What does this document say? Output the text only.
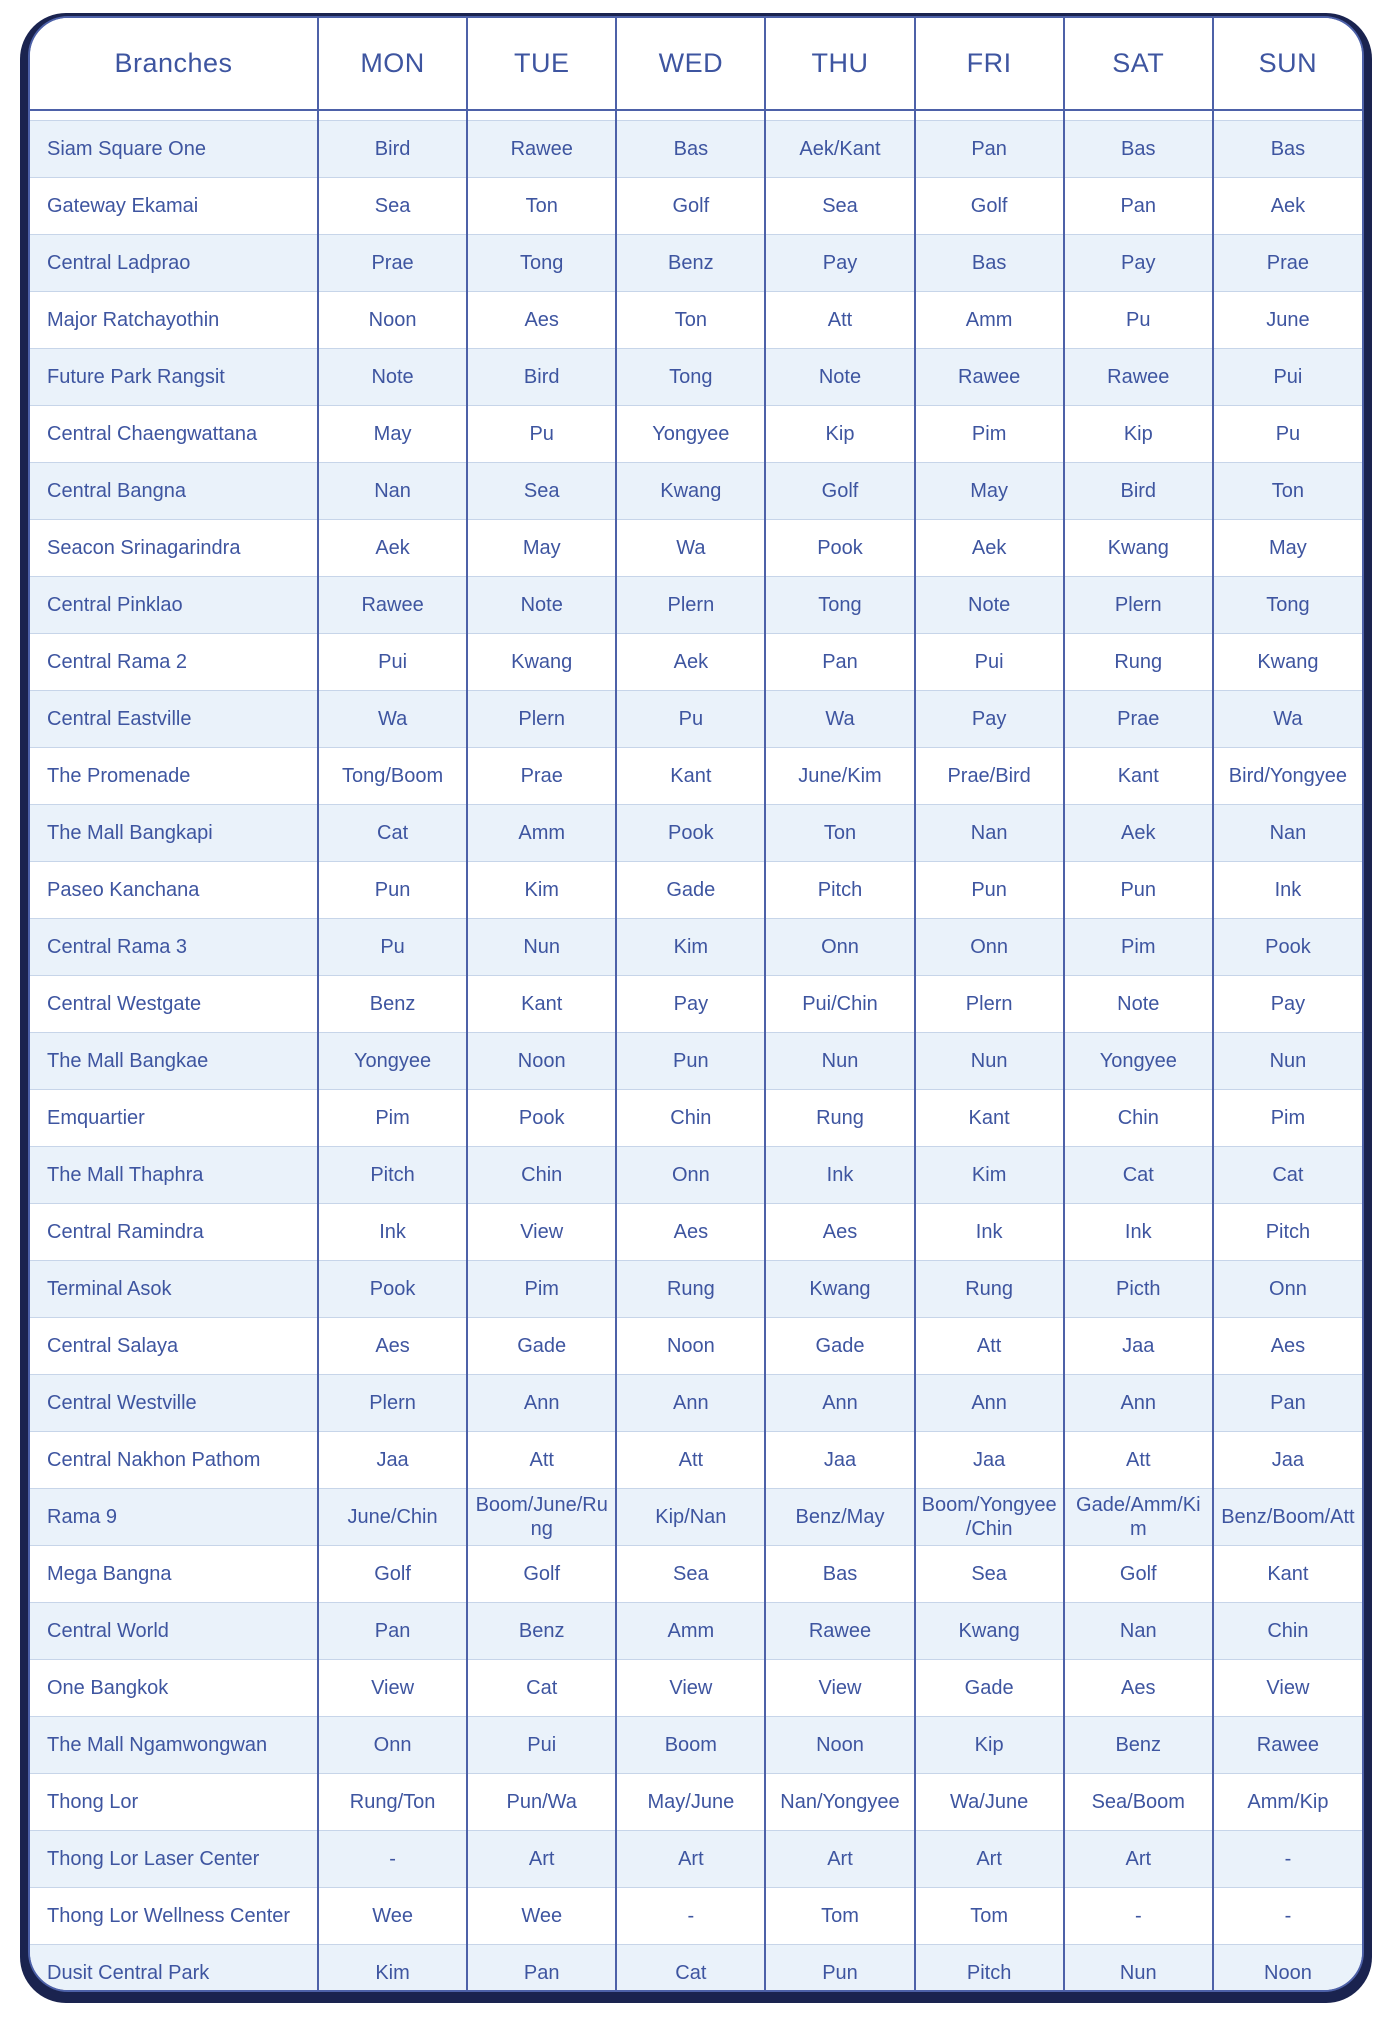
Branches	MON	TUE	WED	THU	FRI	SAT	SUN

Siam Square One	Bird	Rawee	Bas	Aek/Kant	Pan	Bas	Bas
Gateway Ekamai	Sea	Ton	Golf	Sea	Golf	Pan	Aek
Central Ladprao	Prae	Tong	Benz	Pay	Bas	Pay	Prae
Major Ratchayothin	Noon	Aes	Ton	Att	Amm	Pu	June
Future Park Rangsit	Note	Bird	Tong	Note	Rawee	Rawee	Pui
Central Chaengwattana	May	Pu	Yongyee	Kip	Pim	Kip	Pu
Central Bangna	Nan	Sea	Kwang	Golf	May	Bird	Ton
Seacon Srinagarindra	Aek	May	Wa	Pook	Aek	Kwang	May
Central Pinklao	Rawee	Note	Plern	Tong	Note	Plern	Tong
Central Rama 2	Pui	Kwang	Aek	Pan	Pui	Rung	Kwang
Central Eastville	Wa	Plern	Pu	Wa	Pay	Prae	Wa
The Promenade	Tong/Boom	Prae	Kant	June/Kim	Prae/Bird	Kant	Bird/Yongyee
The Mall Bangkapi	Cat	Amm	Pook	Ton	Nan	Aek	Nan
Paseo Kanchana	Pun	Kim	Gade	Pitch	Pun	Pun	Ink
Central Rama 3	Pu	Nun	Kim	Onn	Onn	Pim	Pook
Central Westgate	Benz	Kant	Pay	Pui/Chin	Plern	Note	Pay
The Mall Bangkae	Yongyee	Noon	Pun	Nun	Nun	Yongyee	Nun
Emquartier	Pim	Pook	Chin	Rung	Kant	Chin	Pim
The Mall Thaphra	Pitch	Chin	Onn	Ink	Kim	Cat	Cat
Central Ramindra	Ink	View	Aes	Aes	Ink	Ink	Pitch
Terminal Asok	Pook	Pim	Rung	Kwang	Rung	Picth	Onn
Central Salaya	Aes	Gade	Noon	Gade	Att	Jaa	Aes
Central Westville	Plern	Ann	Ann	Ann	Ann	Ann	Pan
Central Nakhon Pathom	Jaa	Att	Att	Jaa	Jaa	Att	Jaa
Rama 9	June/Chin	Boom/June/Rung	Kip/Nan	Benz/May	Boom/Yongyee/Chin	Gade/Amm/Kim	Benz/Boom/Att
Mega Bangna	Golf	Golf	Sea	Bas	Sea	Golf	Kant
Central World	Pan	Benz	Amm	Rawee	Kwang	Nan	Chin
One Bangkok	View	Cat	View	View	Gade	Aes	View
The Mall Ngamwongwan	Onn	Pui	Boom	Noon	Kip	Benz	Rawee
Thong Lor	Rung/Ton	Pun/Wa	May/June	Nan/Yongyee	Wa/June	Sea/Boom	Amm/Kip
Thong Lor Laser Center	-	Art	Art	Art	Art	Art	-
Thong Lor Wellness Center	Wee	Wee	-	Tom	Tom	-	-
Dusit Central Park	Kim	Pan	Cat	Pun	Pitch	Nun	Noon
